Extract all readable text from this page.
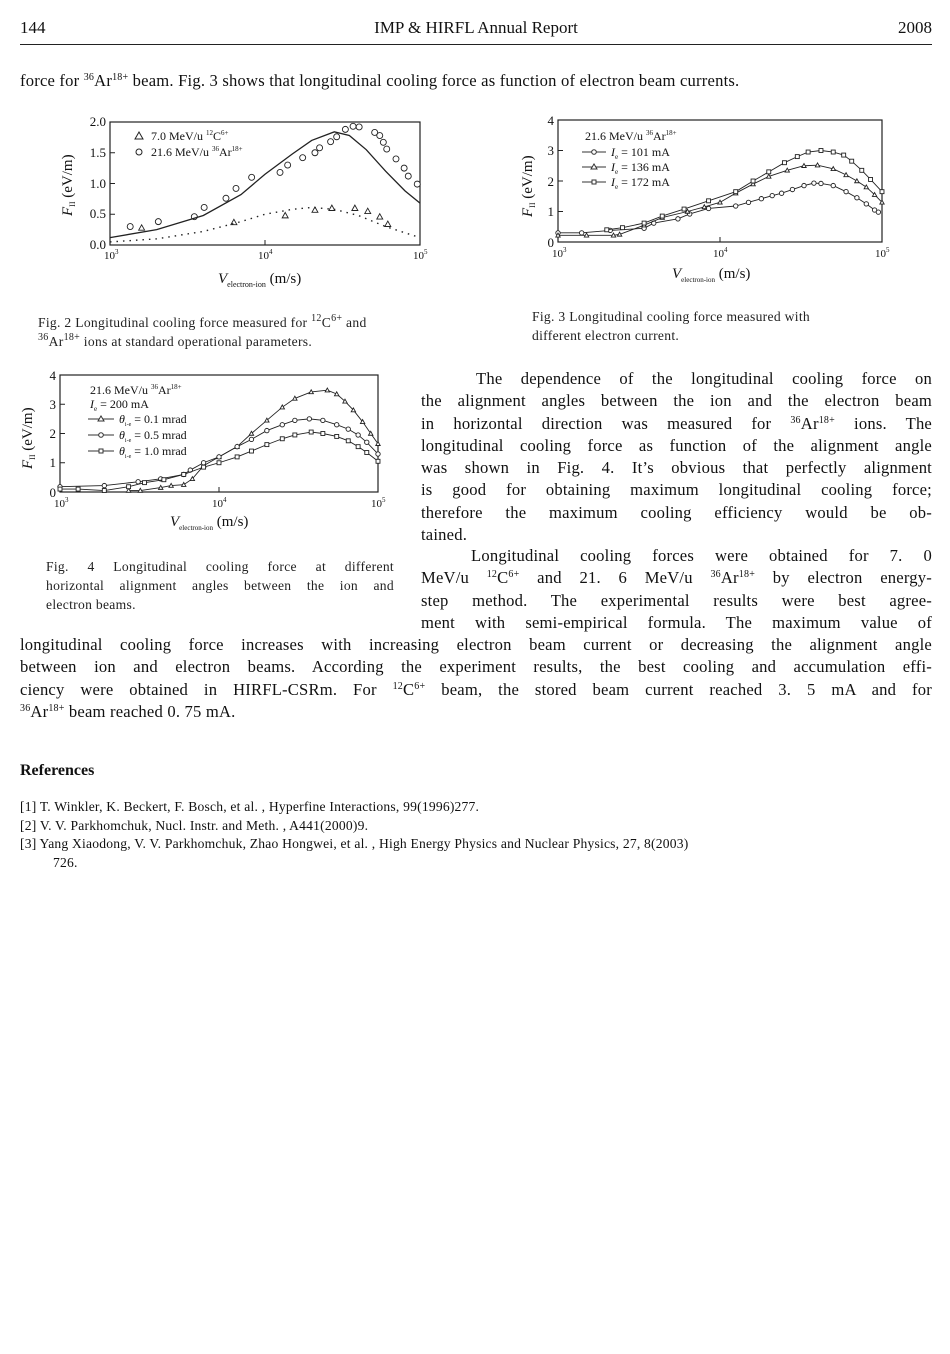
144	IMP & HIRFL Annual Report	2008
force for $^{36}Ar^{18+}$ beam. Fig. 3 shows that longitudinal cooling force as function of electron beam currents.
0.0
0.5
1.0
1.5
2.0
$10^3$	$10^4$	$10^5$
$F_{II}$ (eV/m)
$V_{electron-ion}$ (m/s)
7.0 MeV/u $^{12}C^{6+}$
21.6 MeV/u $^{36}Ar^{18+}$
Fig. 2 Longitudinal cooling force measured for $^{12}C^{6+}$ and
$^{36}Ar^{18+}$ ions at standard operational parameters.
0
1
2
3
4
$10^3$	$10^4$	$10^5$
$F_{II}$ (eV/m)
$V_{electron-ion}$ (m/s)
21.6 MeV/u $^{36}Ar^{18+}$
$I_e = 101$ mA
$I_e = 136$ mA
$I_e = 172$ mA
Fig. 3 Longitudinal cooling force measured with
different electron current.
0
1
2
3
4
$10^3$	$10^4$	$10^5$
$F_{II}$ (eV/m)
$V_{electron-ion}$ (m/s)
21.6 MeV/u $^{36}Ar^{18+}$
$I_e = 200$ mA
$\theta_{i-e} = 0.1$ mrad
$\theta_{i-e} = 0.5$ mrad
$\theta_{i-e} = 1.0$ mrad
Fig. 4 Longitudinal cooling force at different
horizontal alignment angles between the ion and
electron beams.
The dependence of the longitudinal cooling force on
the alignment angles between the ion and the electron beam
in horizontal direction was measured for $^{36}Ar^{18+}$ ions. The
longitudinal cooling force as function of the alignment angle
was shown in Fig. 4. It’s obvious that perfectly alignment
is good for obtaining maximum longitudinal cooling force;
therefore the maximum cooling efficiency would be ob-
tained.
Longitudinal cooling forces were obtained for 7. 0
MeV/u $^{12}C^{6+}$ and 21. 6 MeV/u $^{36}Ar^{18+}$ by electron energy-
step method. The experimental results were best agree-
ment with semi-empirical formula. The maximum value of
longitudinal cooling force increases with increasing electron beam current or decreasing the alignment angle
between ion and electron beams. According the experiment results, the best cooling and accumulation effi-
ciency were obtained in HIRFL-CSRm. For $^{12}C^{6+}$ beam, the stored beam current reached 3. 5 mA and for
$^{36}Ar^{18+}$ beam reached 0. 75 mA.
References
[1] T. Winkler, K. Beckert, F. Bosch, et al. , Hyperfine Interactions, 99(1996)277.
[2] V. V. Parkhomchuk, Nucl. Instr. and Meth. , A441(2000)9.
[3] Yang Xiaodong, V. V. Parkhomchuk, Zhao Hongwei, et al. , High Energy Physics and Nuclear Physics, 27, 8(2003)
726.
